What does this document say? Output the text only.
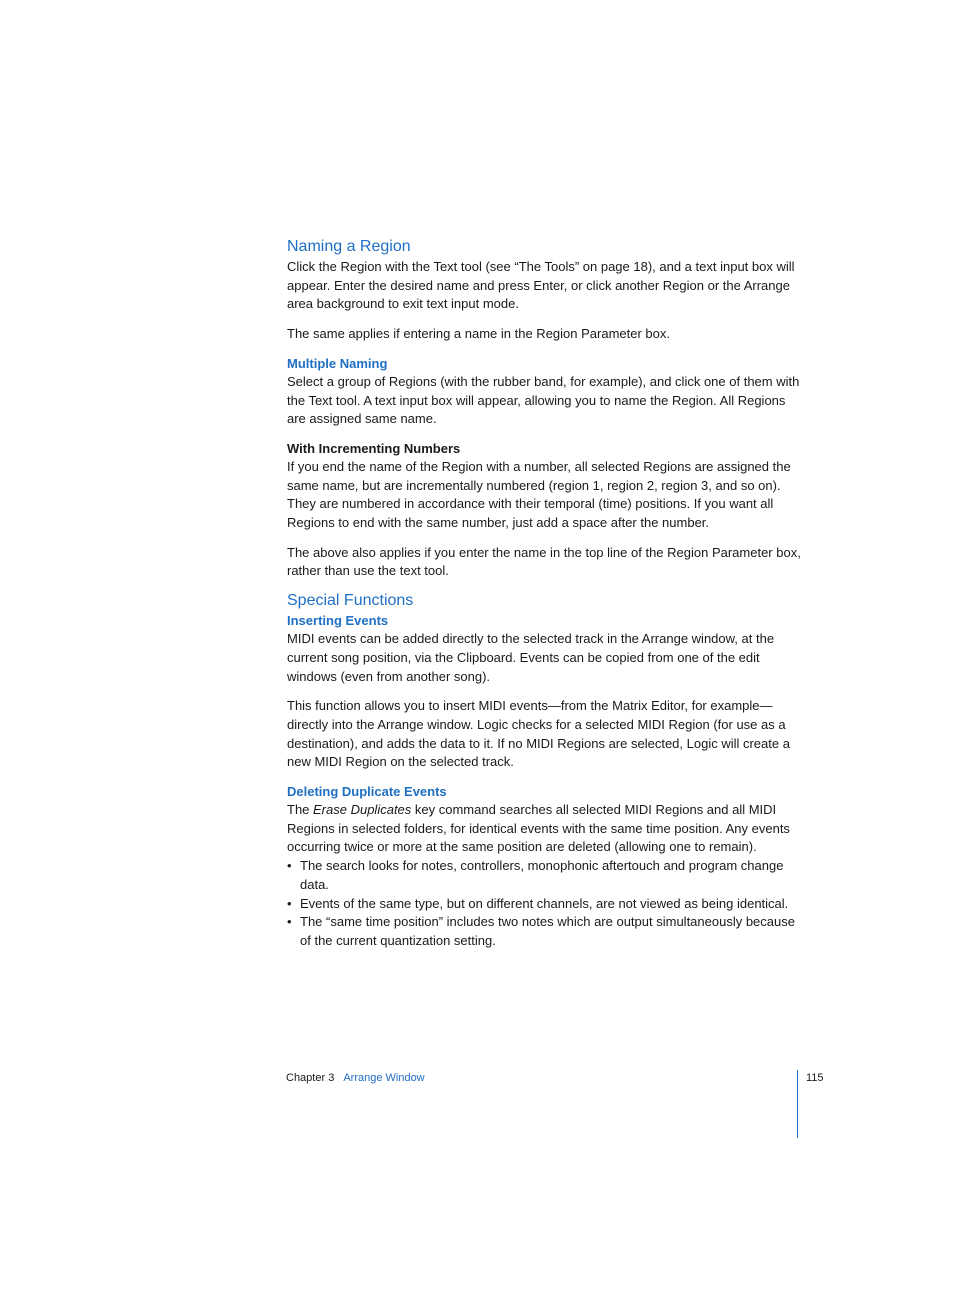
Naming a Region

Click the Region with the Text tool (see “The Tools” on page 18), and a text input box will appear. Enter the desired name and press Enter, or click another Region or the Arrange area background to exit text input mode.

The same applies if entering a name in the Region Parameter box.

Multiple Naming

Select a group of Regions (with the rubber band, for example), and click one of them with the Text tool. A text input box will appear, allowing you to name the Region. All Regions are assigned same name.

With Incrementing Numbers

If you end the name of the Region with a number, all selected Regions are assigned the same name, but are incrementally numbered (region 1, region 2, region 3, and so on). They are numbered in accordance with their temporal (time) positions. If you want all Regions to end with the same number, just add a space after the number.

The above also applies if you enter the name in the top line of the Region Parameter box, rather than use the text tool.

Special Functions
Inserting Events

MIDI events can be added directly to the selected track in the Arrange window, at the current song position, via the Clipboard. Events can be copied from one of the edit windows (even from another song).

This function allows you to insert MIDI events—from the Matrix Editor, for example—directly into the Arrange window. Logic checks for a selected MIDI Region (for use as a destination), and adds the data to it. If no MIDI Regions are selected, Logic will create a new MIDI Region on the selected track.

Deleting Duplicate Events

The Erase Duplicates key command searches all selected MIDI Regions and all MIDI Regions in selected folders, for identical events with the same time position. Any events occurring twice or more at the same position are deleted (allowing one to remain).

• The search looks for notes, controllers, monophonic aftertouch and program change data.
• Events of the same type, but on different channels, are not viewed as being identical.
• The “same time position” includes two notes which are output simultaneously because of the current quantization setting.
Chapter 3 Arrange Window	115
